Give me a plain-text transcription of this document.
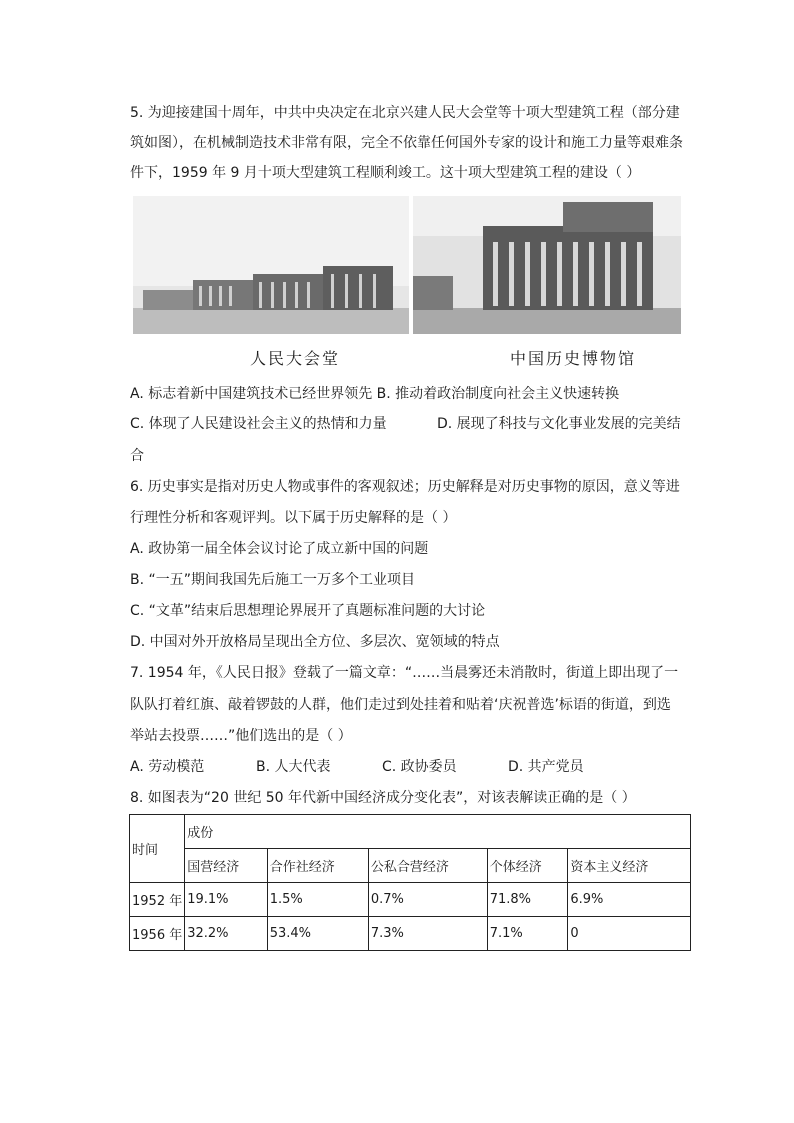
5. 为迎接建国十周年，中共中央决定在北京兴建人民大会堂等十项大型建筑工程（部分建
筑如图），在机械制造技术非常有限，完全不依靠任何国外专家的设计和施工力量等艰难条
件下，1959 年 9 月十项大型建筑工程顺利竣工。这十项大型建筑工程的建设（ ）
人民大会堂	中国历史博物馆
A. 标志着新中国建筑技术已经世界领先 B. 推动着政治制度向社会主义快速转换
C. 体现了人民建设社会主义的热情和力量	D. 展现了科技与文化事业发展的完美结
合
6. 历史事实是指对历史人物或事件的客观叙述；历史解释是对历史事物的原因，意义等进
行理性分析和客观评判。以下属于历史解释的是（ ）
A. 政协第一届全体会议讨论了成立新中国的问题
B. “一五”期间我国先后施工一万多个工业项目
C. “文革”结束后思想理论界展开了真题标准问题的大讨论
D. 中国对外开放格局呈现出全方位、多层次、宽领域的特点
7. 1954 年，《人民日报》登载了一篇文章：“……当晨雾还未消散时，街道上即出现了一
队队打着红旗、敲着锣鼓的人群，他们走过到处挂着和贴着‘庆祝普选’标语的街道，到选
举站去投票……”他们选出的是（ ）
A. 劳动模范	B. 人大代表	C. 政协委员	D. 共产党员
8. 如图表为“20 世纪 50 年代新中国经济成分变化表”，对该表解读正确的是（ ）
时间	成份				
	国营经济	合作社经济	公私合营经济	个体经济	资本主义经济
1952 年	19.1%	1.5%	0.7%	71.8%	6.9%
1956 年	32.2%	53.4%	7.3%	7.1%	0
